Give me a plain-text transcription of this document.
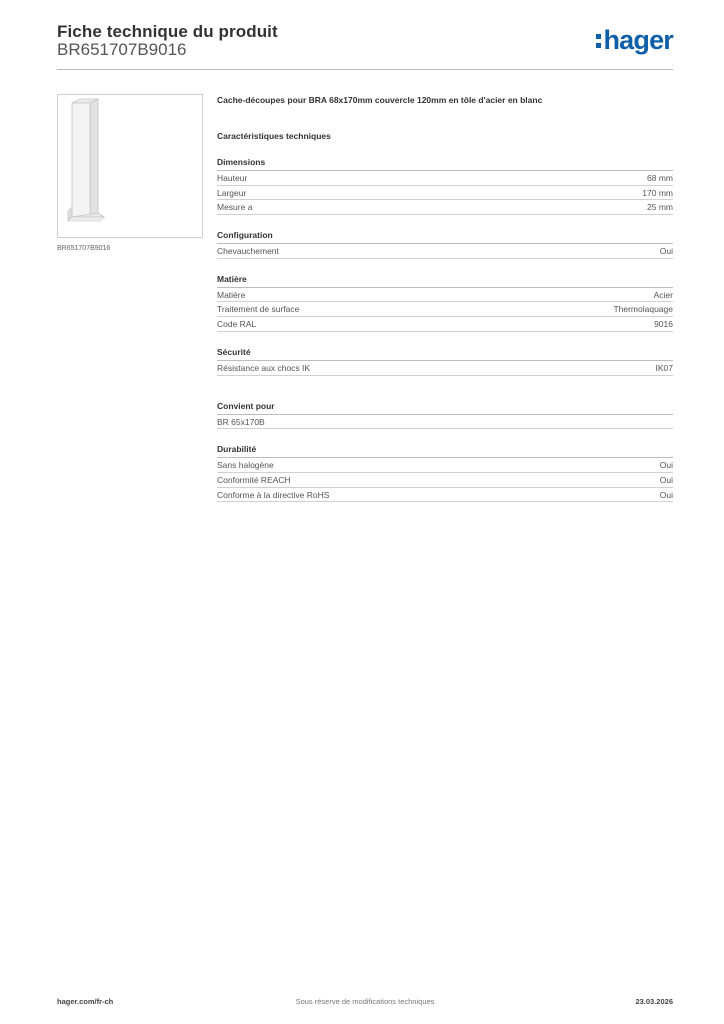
Fiche technique du produit
BR651707B9016	hager
BR651707B9016
Cache-découpes pour BRA 68x170mm couvercle 120mm en tôle d'acier en blanc
Caractéristiques techniques
Dimensions
Hauteur	68 mm
Largeur	170 mm
Mesure a	25 mm
Configuration
Chevauchement	Oui
Matière
Matière	Acier
Traitement de surface	Thermolaquage
Code RAL	9016
Sécurité
Résistance aux chocs IK	IK07
Convient pour
BR 65x170B
Durabilité
Sans halogène	Oui
Conformité REACH	Oui
Conforme à la directive RoHS	Oui
hager.com/fr-ch	Sous réserve de modifications techniques	23.03.2026
